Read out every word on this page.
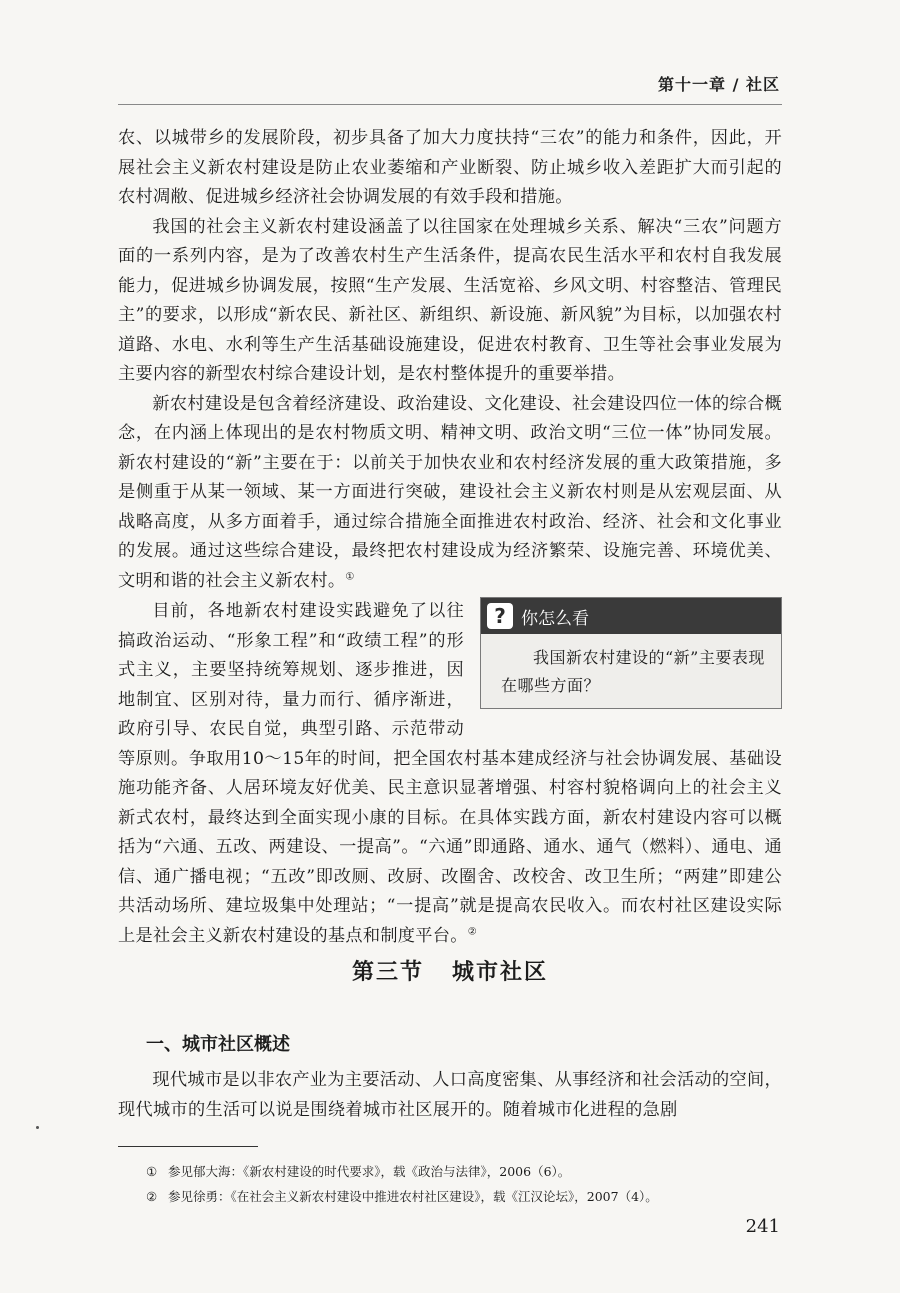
第十一章 / 社区

农、以城带乡的发展阶段，初步具备了加大力度扶持“三农”的能力和条件，因此，开展社会主义新农村建设是防止农业萎缩和产业断裂、防止城乡收入差距扩大而引起的农村凋敝、促进城乡经济社会协调发展的有效手段和措施。

我国的社会主义新农村建设涵盖了以往国家在处理城乡关系、解决“三农”问题方面的一系列内容，是为了改善农村生产生活条件，提高农民生活水平和农村自我发展能力，促进城乡协调发展，按照“生产发展、生活宽裕、乡风文明、村容整洁、管理民主”的要求，以形成“新农民、新社区、新组织、新设施、新风貌”为目标，以加强农村道路、水电、水利等生产生活基础设施建设，促进农村教育、卫生等社会事业发展为主要内容的新型农村综合建设计划，是农村整体提升的重要举措。

新农村建设是包含着经济建设、政治建设、文化建设、社会建设四位一体的综合概念，在内涵上体现出的是农村物质文明、精神文明、政治文明“三位一体”协同发展。新农村建设的“新”主要在于：以前关于加快农业和农村经济发展的重大政策措施，多是侧重于从某一领域、某一方面进行突破，建设社会主义新农村则是从宏观层面、从战略高度，从多方面着手，通过综合措施全面推进农村政治、经济、社会和文化事业的发展。通过这些综合建设，最终把农村建设成为经济繁荣、设施完善、环境优美、文明和谐的社会主义新农村。①

? 你怎么看
我国新农村建设的“新”主要表现在哪些方面？

目前，各地新农村建设实践避免了以往搞政治运动、“形象工程”和“政绩工程”的形式主义，主要坚持统筹规划、逐步推进，因地制宜、区别对待，量力而行、循序渐进，政府引导、农民自觉，典型引路、示范带动等原则。争取用10～15年的时间，把全国农村基本建成经济与社会协调发展、基础设施功能齐备、人居环境友好优美、民主意识显著增强、村容村貌格调向上的社会主义新式农村，最终达到全面实现小康的目标。在具体实践方面，新农村建设内容可以概括为“六通、五改、两建设、一提高”。“六通”即通路、通水、通气（燃料）、通电、通信、通广播电视；“五改”即改厕、改厨、改圈舍、改校舍、改卫生所；“两建”即建公共活动场所、建垃圾集中处理站；“一提高”就是提高农民收入。而农村社区建设实际上是社会主义新农村建设的基点和制度平台。②

第三节 城市社区
一、城市社区概述

现代城市是以非农产业为主要活动、人口高度密集、从事经济和社会活动的空间，现代城市的生活可以说是围绕着城市社区展开的。随着城市化进程的急剧

① 参见郁大海：《新农村建设的时代要求》，载《政治与法律》，2006（6）。
② 参见徐勇：《在社会主义新农村建设中推进农村社区建设》，载《江汉论坛》，2007（4）。
241
